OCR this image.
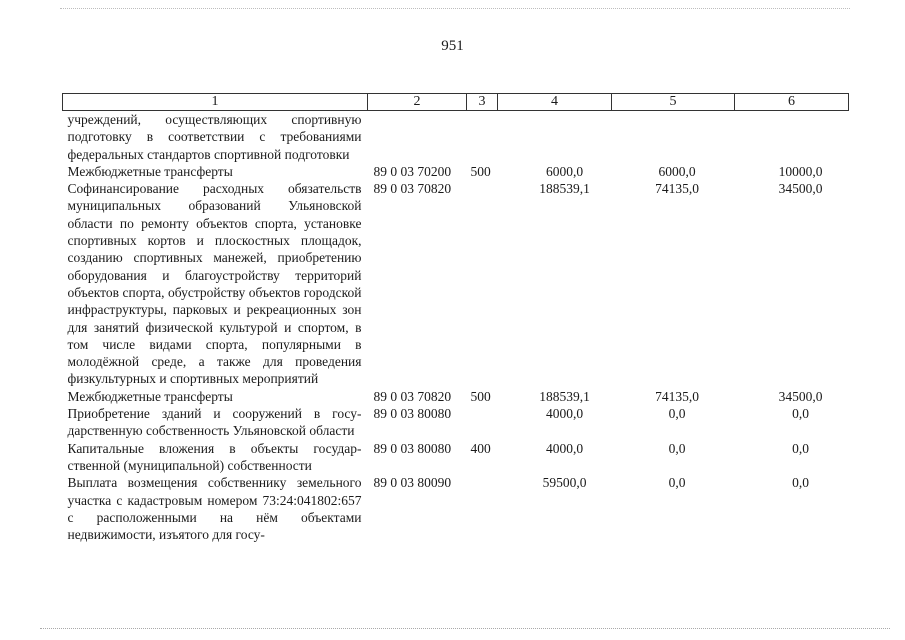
951
1	2	3	4	5	6
учреждений, осуществляющих спортивную подготовку в соответствии с требованиями федеральных стандартов спортивной подготовки					
Межбюджетные трансферты	89 0 03 70200	500	6000,0	6000,0	10000,0
Софинансирование расходных обязательств муниципальных образований Ульяновской области по ремонту объектов спорта, установке спортивных кортов и плоскостных площадок, созданию спортивных манежей, приобретению оборудования и благоустройству территорий объектов спорта, обустройству объектов городской инфраструктуры, парковых и рекреационных зон для занятий физической культурой и спортом, в том числе видами спорта, популярными в молодёжной среде, а также для проведения физкультурных и спортивных мероприятий	89 0 03 70820		188539,1	74135,0	34500,0
Межбюджетные трансферты	89 0 03 70820	500	188539,1	74135,0	34500,0
Приобретение зданий и сооружений в государственную собственность Ульяновской области	89 0 03 80080		4000,0	0,0	0,0
Капитальные вложения в объекты государственной (муниципальной) собственности	89 0 03 80080	400	4000,0	0,0	0,0
Выплата возмещения собственнику земельного участка с кадастровым номером 73:24:041802:657 с расположенными на нём объектами недвижимости, изъятого для госу-	89 0 03 80090		59500,0	0,0	0,0
